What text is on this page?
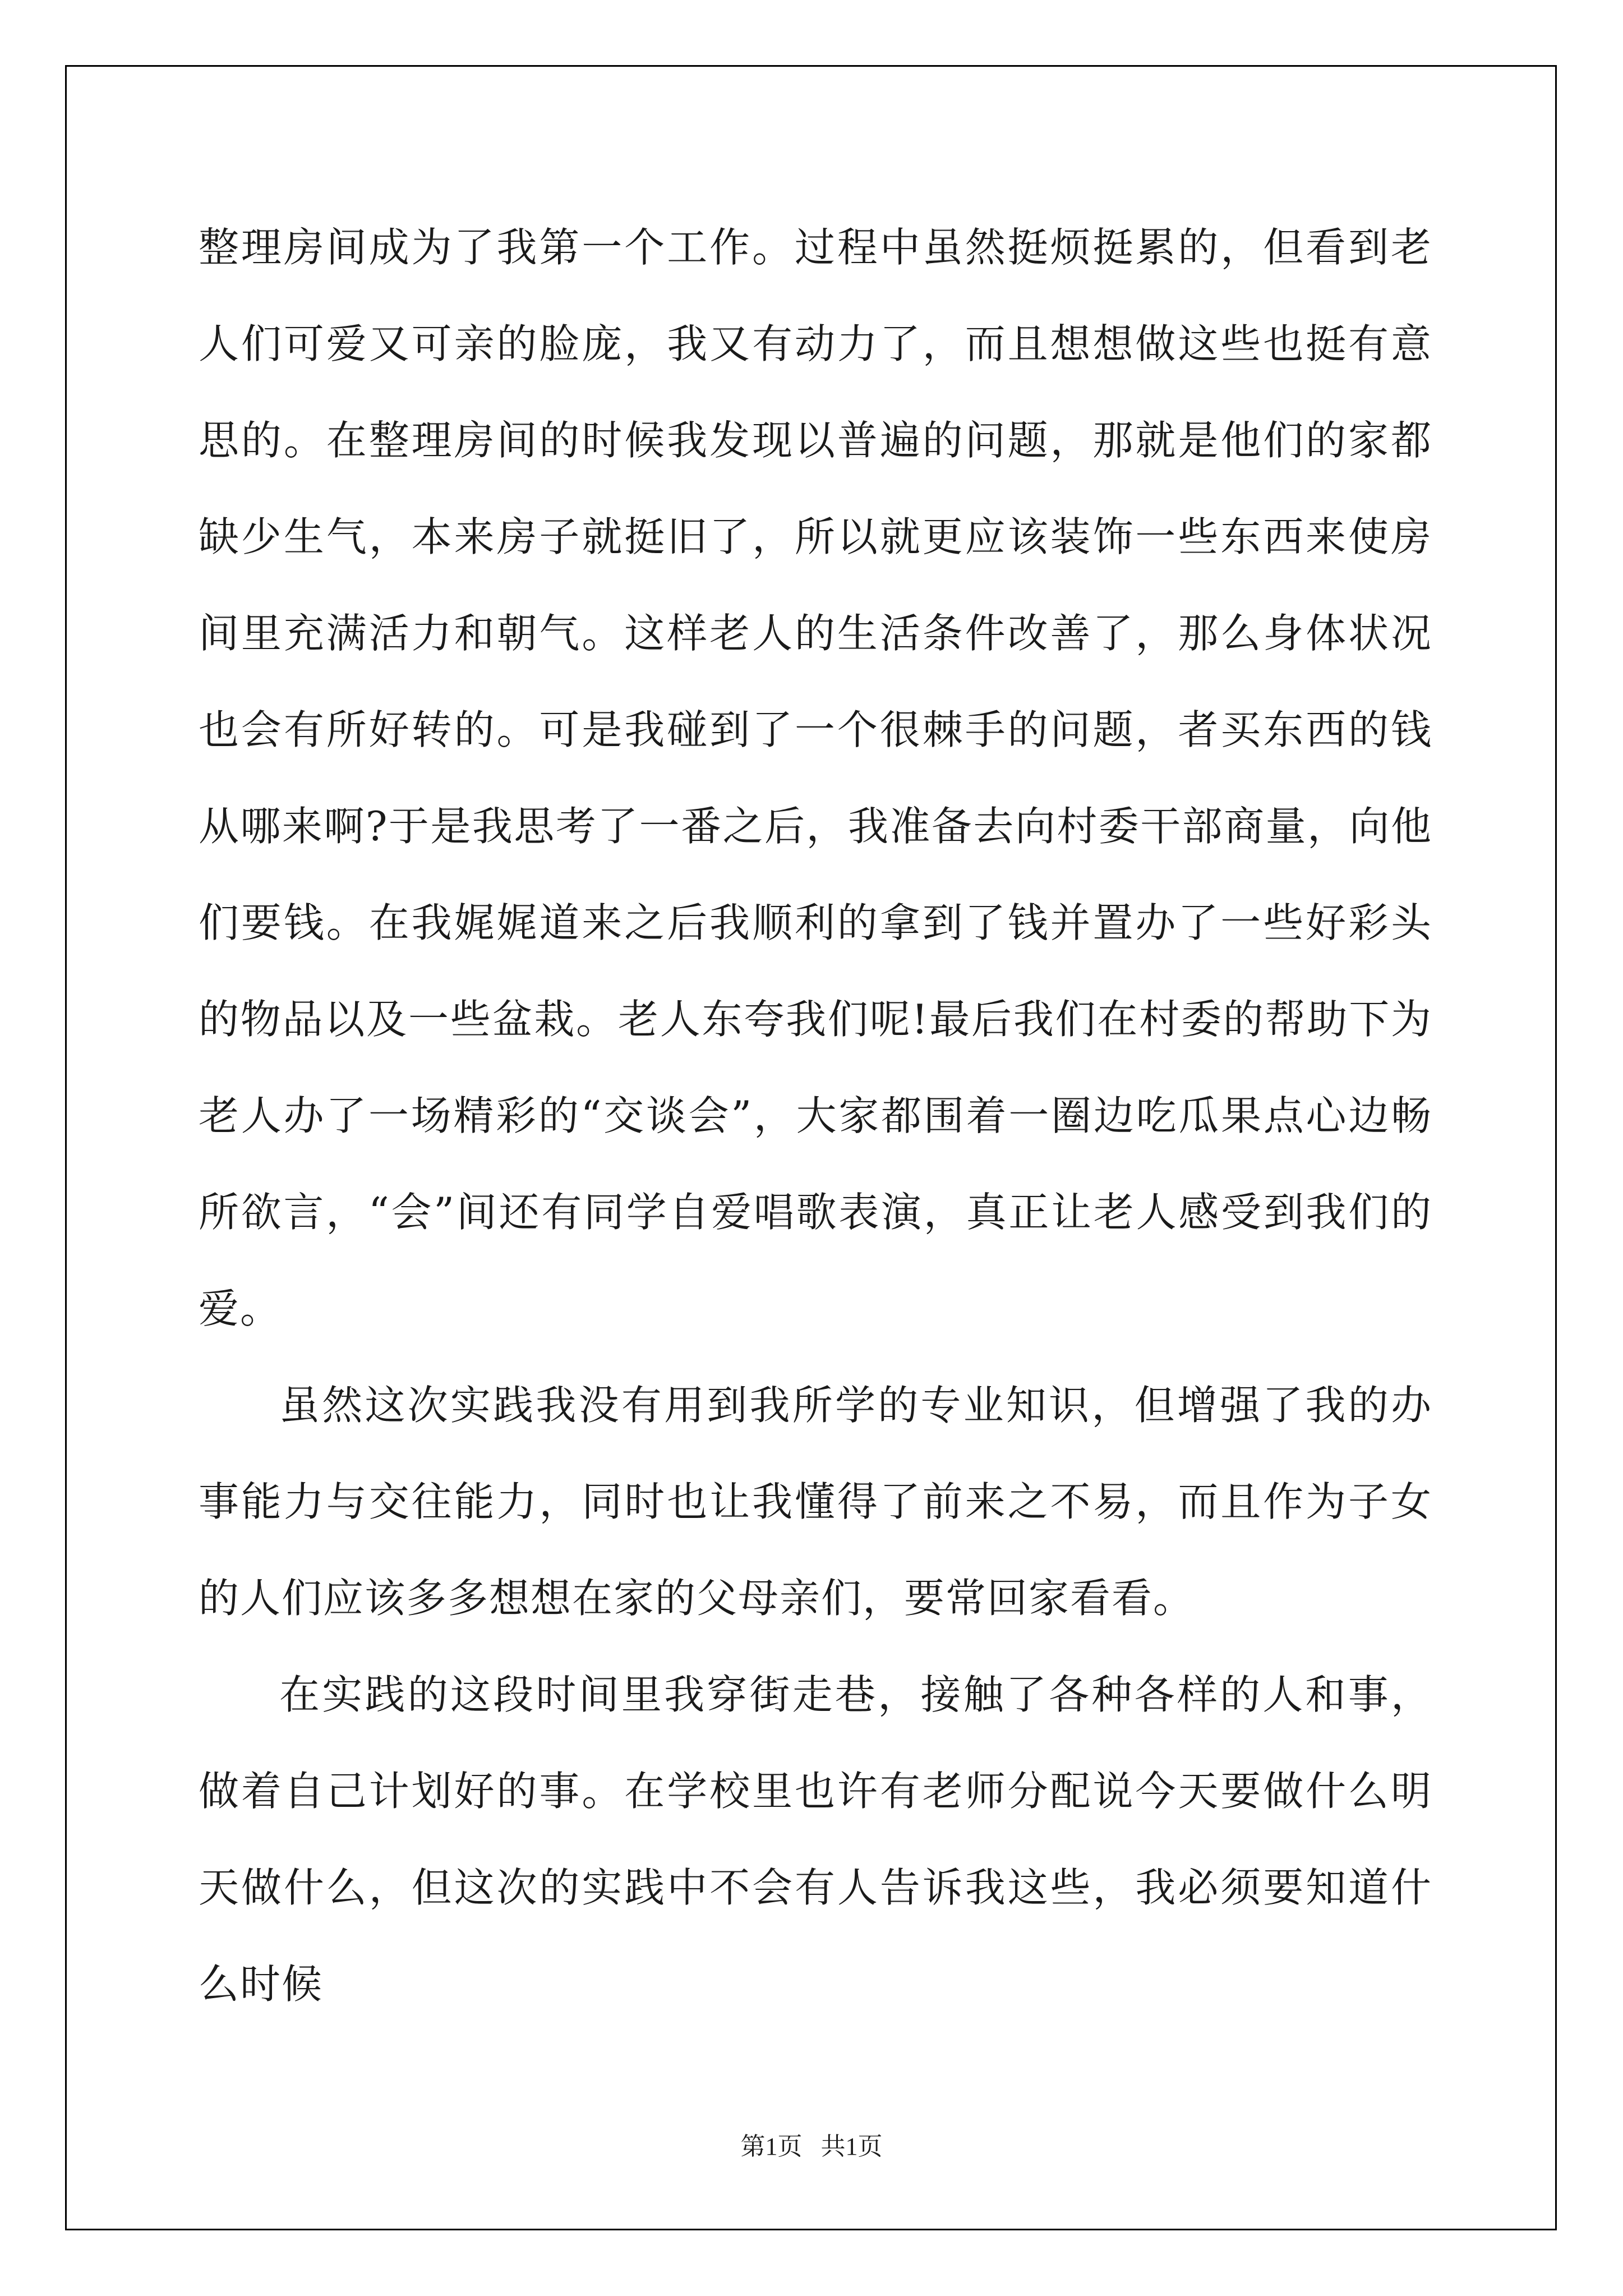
整理房间成为了我第一个工作。过程中虽然挺烦挺累的，但看到老人们可爱又可亲的脸庞，我又有动力了，而且想想做这些也挺有意思的。在整理房间的时候我发现以普遍的问题，那就是他们的家都缺少生气，本来房子就挺旧了，所以就更应该装饰一些东西来使房间里充满活力和朝气。这样老人的生活条件改善了，那么身体状况也会有所好转的。可是我碰到了一个很棘手的问题，者买东西的钱从哪来啊?于是我思考了一番之后，我准备去向村委干部商量，向他们要钱。在我娓娓道来之后我顺利的拿到了钱并置办了一些好彩头的物品以及一些盆栽。老人东夸我们呢!最后我们在村委的帮助下为老人办了一场精彩的“交谈会”，大家都围着一圈边吃瓜果点心边畅所欲言，“会”间还有同学自爱唱歌表演，真正让老人感受到我们的爱。

虽然这次实践我没有用到我所学的专业知识，但增强了我的办事能力与交往能力，同时也让我懂得了前来之不易，而且作为子女的人们应该多多想想在家的父母亲们，要常回家看看。

在实践的这段时间里我穿街走巷，接触了各种各样的人和事，做着自己计划好的事。在学校里也许有老师分配说今天要做什么明天做什么，但这次的实践中不会有人告诉我这些，我必须要知道什么时候

第1页   共1页
